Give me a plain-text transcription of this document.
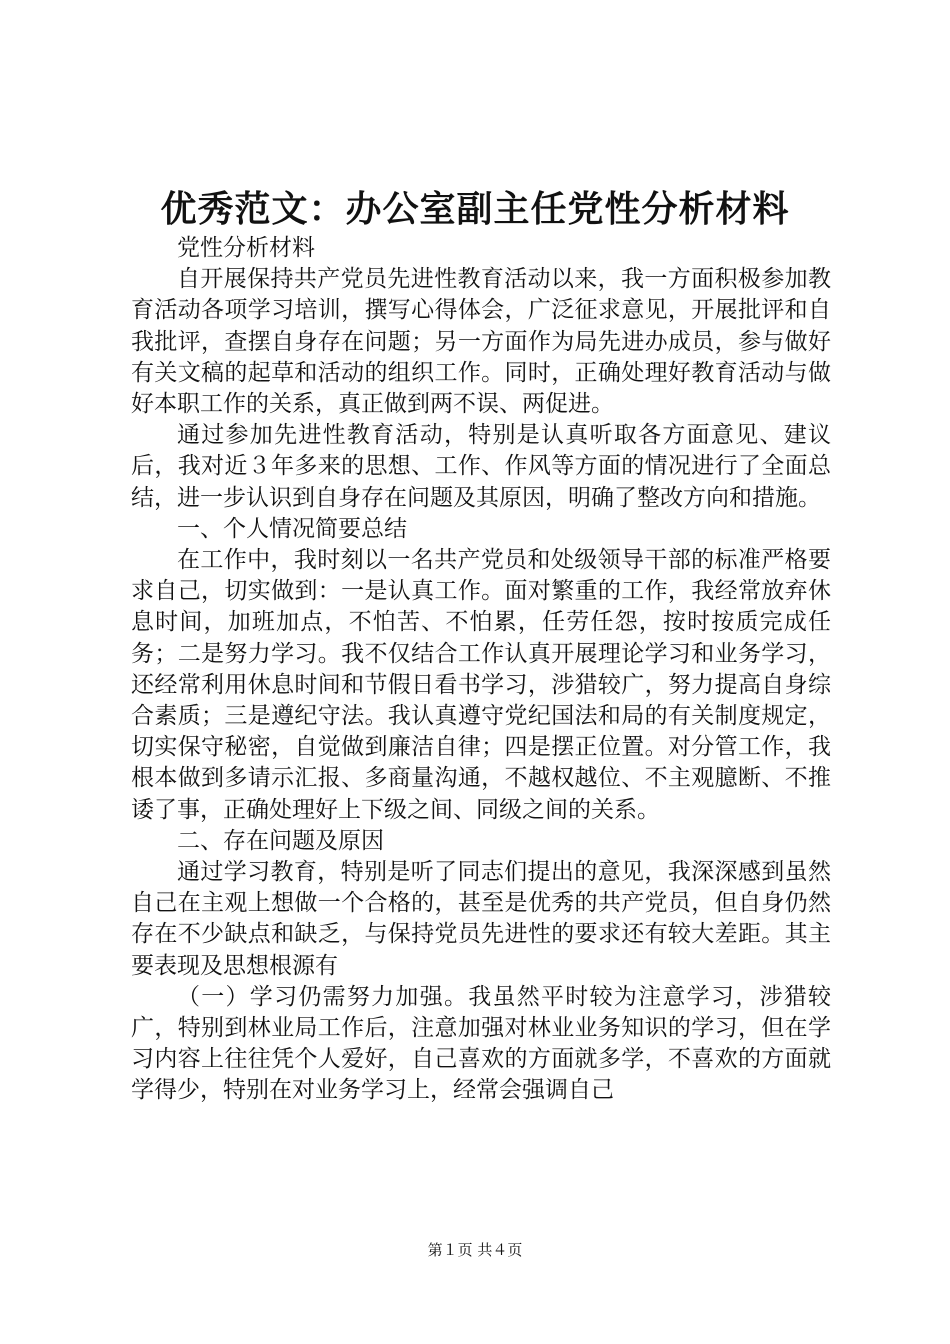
优秀范文：办公室副主任党性分析材料

党性分析材料

自开展保持共产党员先进性教育活动以来，我一方面积极参加教育活动各项学习培训，撰写心得体会，广泛征求意见，开展批评和自我批评，查摆自身存在问题；另一方面作为局先进办成员，参与做好有关文稿的起草和活动的组织工作。同时，正确处理好教育活动与做好本职工作的关系，真正做到两不误、两促进。

通过参加先进性教育活动，特别是认真听取各方面意见、建议后，我对近３年多来的思想、工作、作风等方面的情况进行了全面总结，进一步认识到自身存在问题及其原因，明确了整改方向和措施。

一、个人情况简要总结

在工作中，我时刻以一名共产党员和处级领导干部的标准严格要求自己，切实做到：一是认真工作。面对繁重的工作，我经常放弃休息时间，加班加点，不怕苦、不怕累，任劳任怨，按时按质完成任务；二是努力学习。我不仅结合工作认真开展理论学习和业务学习，还经常利用休息时间和节假日看书学习，涉猎较广，努力提高自身综合素质；三是遵纪守法。我认真遵守党纪国法和局的有关制度规定，切实保守秘密，自觉做到廉洁自律；四是摆正位置。对分管工作，我根本做到多请示汇报、多商量沟通，不越权越位、不主观臆断、不推诿了事，正确处理好上下级之间、同级之间的关系。

二、存在问题及原因

通过学习教育，特别是听了同志们提出的意见，我深深感到虽然自己在主观上想做一个合格的，甚至是优秀的共产党员，但自身仍然存在不少缺点和缺乏，与保持党员先进性的要求还有较大差距。其主要表现及思想根源有

（一）学习仍需努力加强。我虽然平时较为注意学习，涉猎较广，特别到林业局工作后，注意加强对林业业务知识的学习，但在学习内容上往往凭个人爱好，自己喜欢的方面就多学，不喜欢的方面就学得少，特别在对业务学习上，经常会强调自己

第１页 共４页
